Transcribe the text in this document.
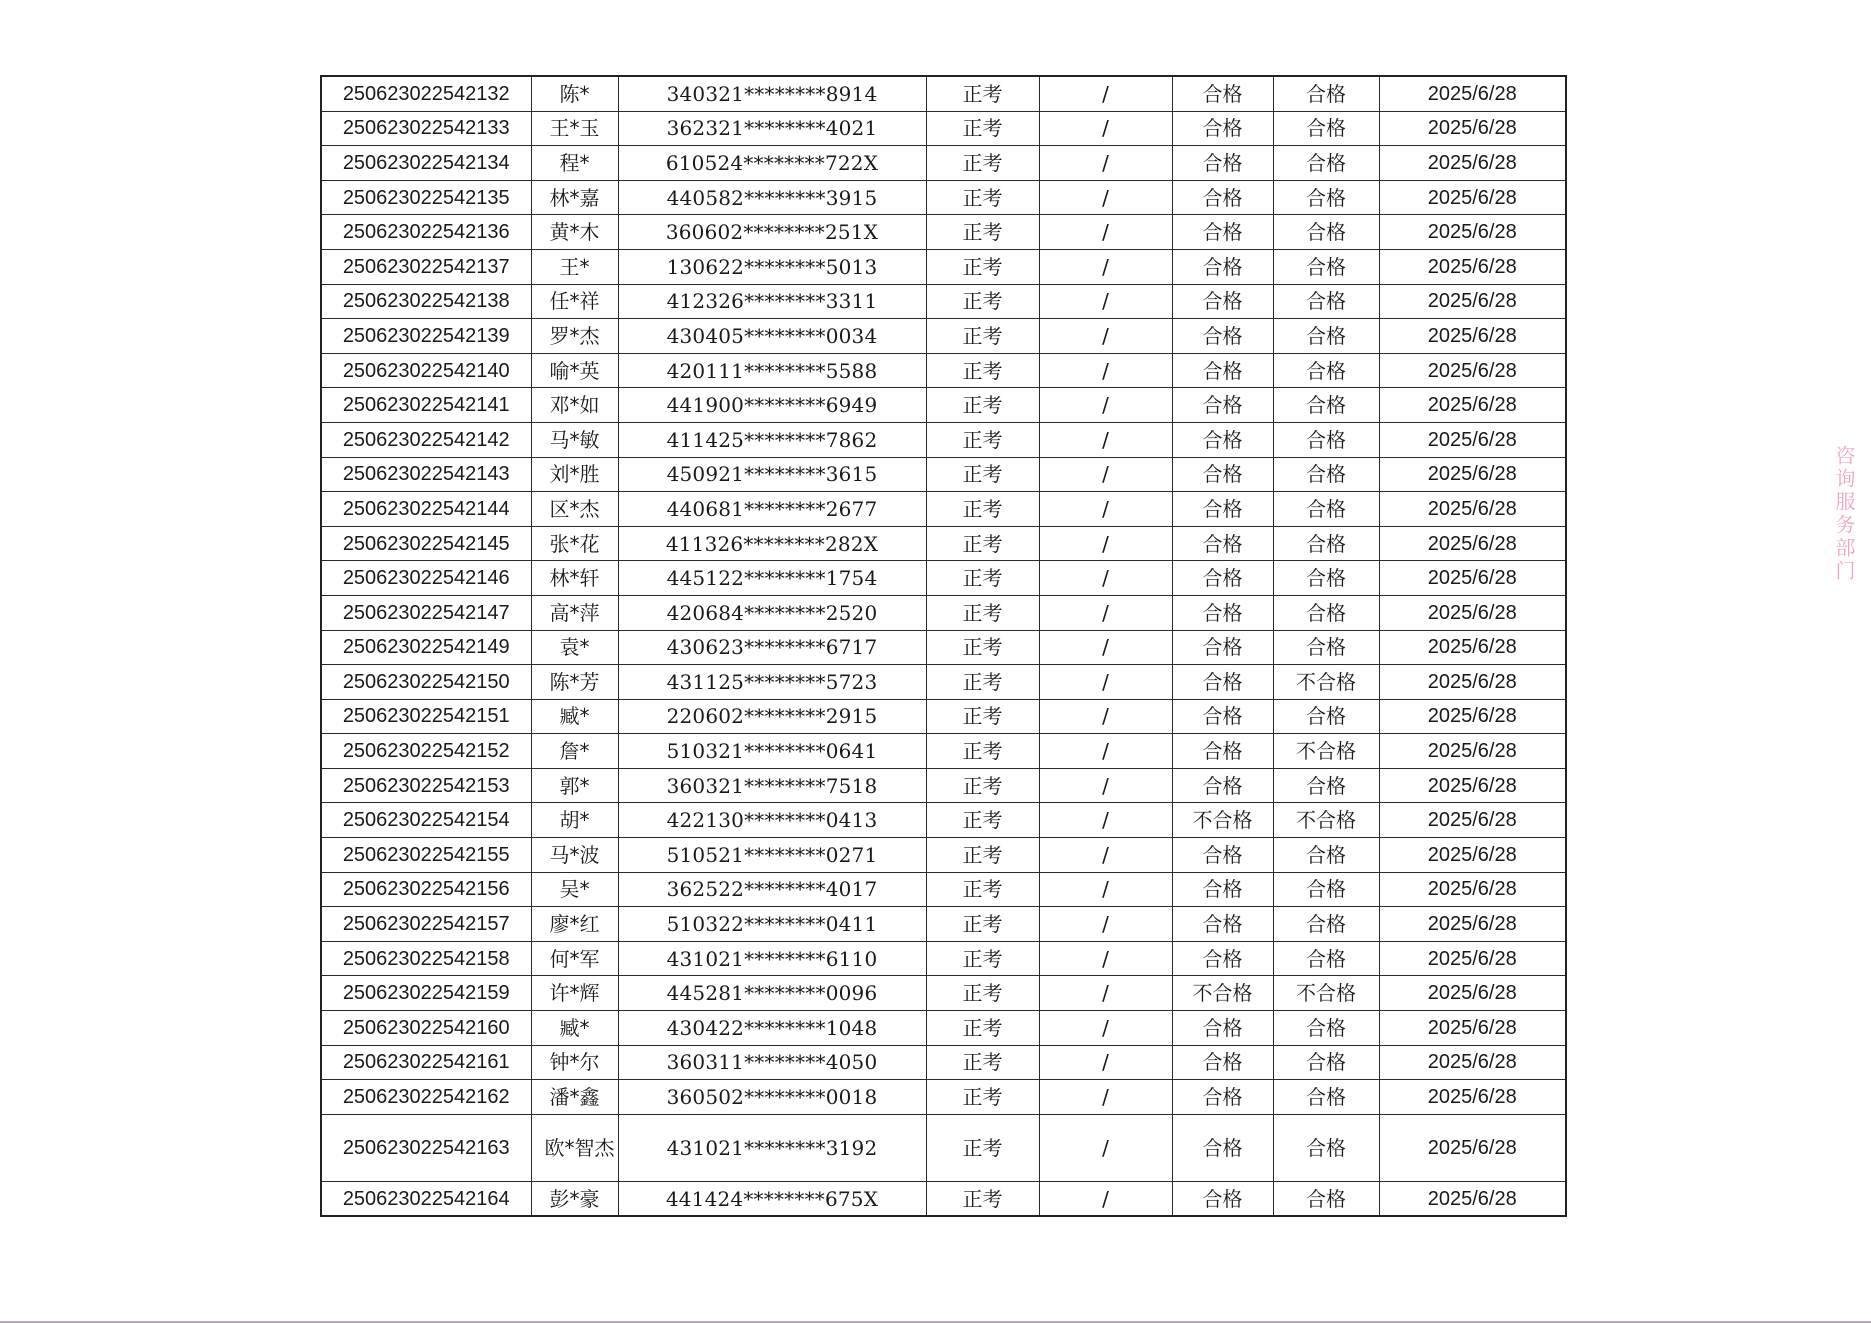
250623022542132	陈*	340321********8914	正考	/	合格	合格	2025/6/28
250623022542133	王*玉	362321********4021	正考	/	合格	合格	2025/6/28
250623022542134	程*	610524********722X	正考	/	合格	合格	2025/6/28
250623022542135	林*嘉	440582********3915	正考	/	合格	合格	2025/6/28
250623022542136	黄*木	360602********251X	正考	/	合格	合格	2025/6/28
250623022542137	王*	130622********5013	正考	/	合格	合格	2025/6/28
250623022542138	任*祥	412326********3311	正考	/	合格	合格	2025/6/28
250623022542139	罗*杰	430405********0034	正考	/	合格	合格	2025/6/28
250623022542140	喻*英	420111********5588	正考	/	合格	合格	2025/6/28
250623022542141	邓*如	441900********6949	正考	/	合格	合格	2025/6/28
250623022542142	马*敏	411425********7862	正考	/	合格	合格	2025/6/28
250623022542143	刘*胜	450921********3615	正考	/	合格	合格	2025/6/28
250623022542144	区*杰	440681********2677	正考	/	合格	合格	2025/6/28
250623022542145	张*花	411326********282X	正考	/	合格	合格	2025/6/28
250623022542146	林*轩	445122********1754	正考	/	合格	合格	2025/6/28
250623022542147	高*萍	420684********2520	正考	/	合格	合格	2025/6/28
250623022542149	袁*	430623********6717	正考	/	合格	合格	2025/6/28
250623022542150	陈*芳	431125********5723	正考	/	合格	不合格	2025/6/28
250623022542151	臧*	220602********2915	正考	/	合格	合格	2025/6/28
250623022542152	詹*	510321********0641	正考	/	合格	不合格	2025/6/28
250623022542153	郭*	360321********7518	正考	/	合格	合格	2025/6/28
250623022542154	胡*	422130********0413	正考	/	不合格	不合格	2025/6/28
250623022542155	马*波	510521********0271	正考	/	合格	合格	2025/6/28
250623022542156	吴*	362522********4017	正考	/	合格	合格	2025/6/28
250623022542157	廖*红	510322********0411	正考	/	合格	合格	2025/6/28
250623022542158	何*军	431021********6110	正考	/	合格	合格	2025/6/28
250623022542159	许*辉	445281********0096	正考	/	不合格	不合格	2025/6/28
250623022542160	臧*	430422********1048	正考	/	合格	合格	2025/6/28
250623022542161	钟*尔	360311********4050	正考	/	合格	合格	2025/6/28
250623022542162	潘*鑫	360502********0018	正考	/	合格	合格	2025/6/28
250623022542163	欧*智杰	431021********3192	正考	/	合格	合格	2025/6/28
250623022542164	彭*豪	441424********675X	正考	/	合格	合格	2025/6/28
咨询服务部门
